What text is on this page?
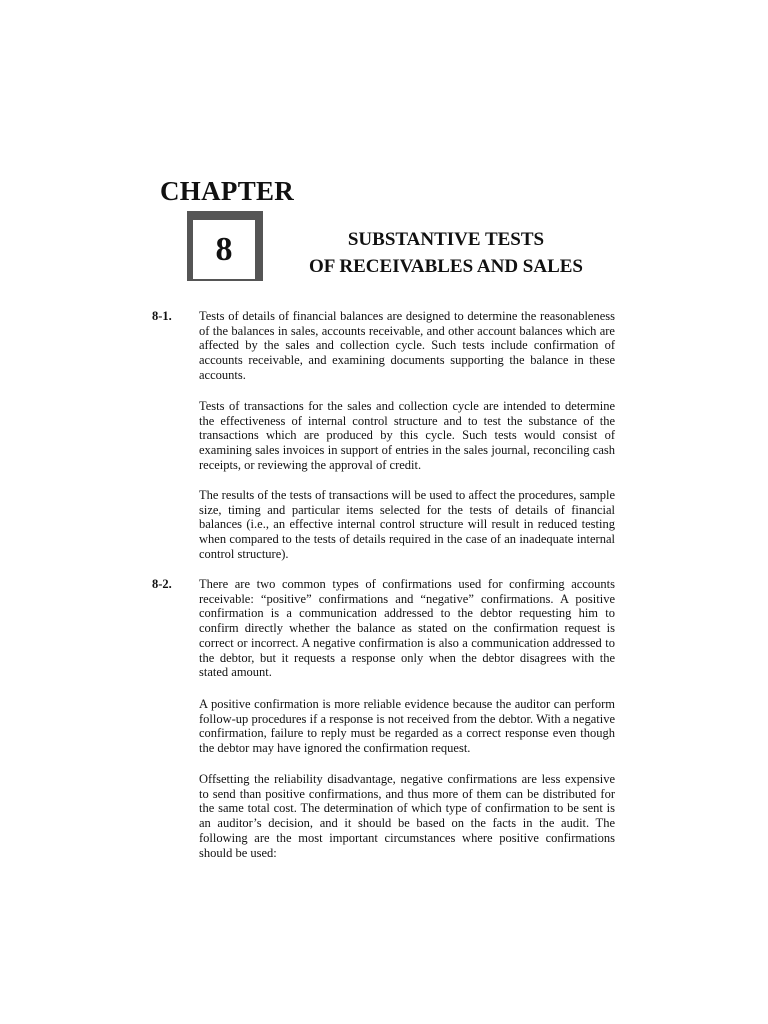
CHAPTER
8	SUBSTANTIVE TESTS
OF RECEIVABLES AND SALES
8-1. Tests of details of financial balances are designed to determine the reasonableness of the balances in sales, accounts receivable, and other account balances which are affected by the sales and collection cycle. Such tests include confirmation of accounts receivable, and examining documents supporting the balance in these accounts.

Tests of transactions for the sales and collection cycle are intended to determine the effectiveness of internal control structure and to test the substance of the transactions which are produced by this cycle. Such tests would consist of examining sales invoices in support of entries in the sales journal, reconciling cash receipts, or reviewing the approval of credit.

The results of the tests of transactions will be used to affect the procedures, sample size, timing and particular items selected for the tests of details of financial balances (i.e., an effective internal control structure will result in reduced testing when compared to the tests of details required in the case of an inadequate internal control structure).

8-2. There are two common types of confirmations used for confirming accounts receivable: “positive” confirmations and “negative” confirmations. A positive confirmation is a communication addressed to the debtor requesting him to confirm directly whether the balance as stated on the confirmation request is correct or incorrect. A negative confirmation is also a communication addressed to the debtor, but it requests a response only when the debtor disagrees with the stated amount.

A positive confirmation is more reliable evidence because the auditor can perform follow-up procedures if a response is not received from the debtor. With a negative confirmation, failure to reply must be regarded as a correct response even though the debtor may have ignored the confirmation request.

Offsetting the reliability disadvantage, negative confirmations are less expensive to send than positive confirmations, and thus more of them can be distributed for the same total cost. The determination of which type of confirmation to be sent is an auditor’s decision, and it should be based on the facts in the audit. The following are the most important circumstances where positive confirmations should be used:
